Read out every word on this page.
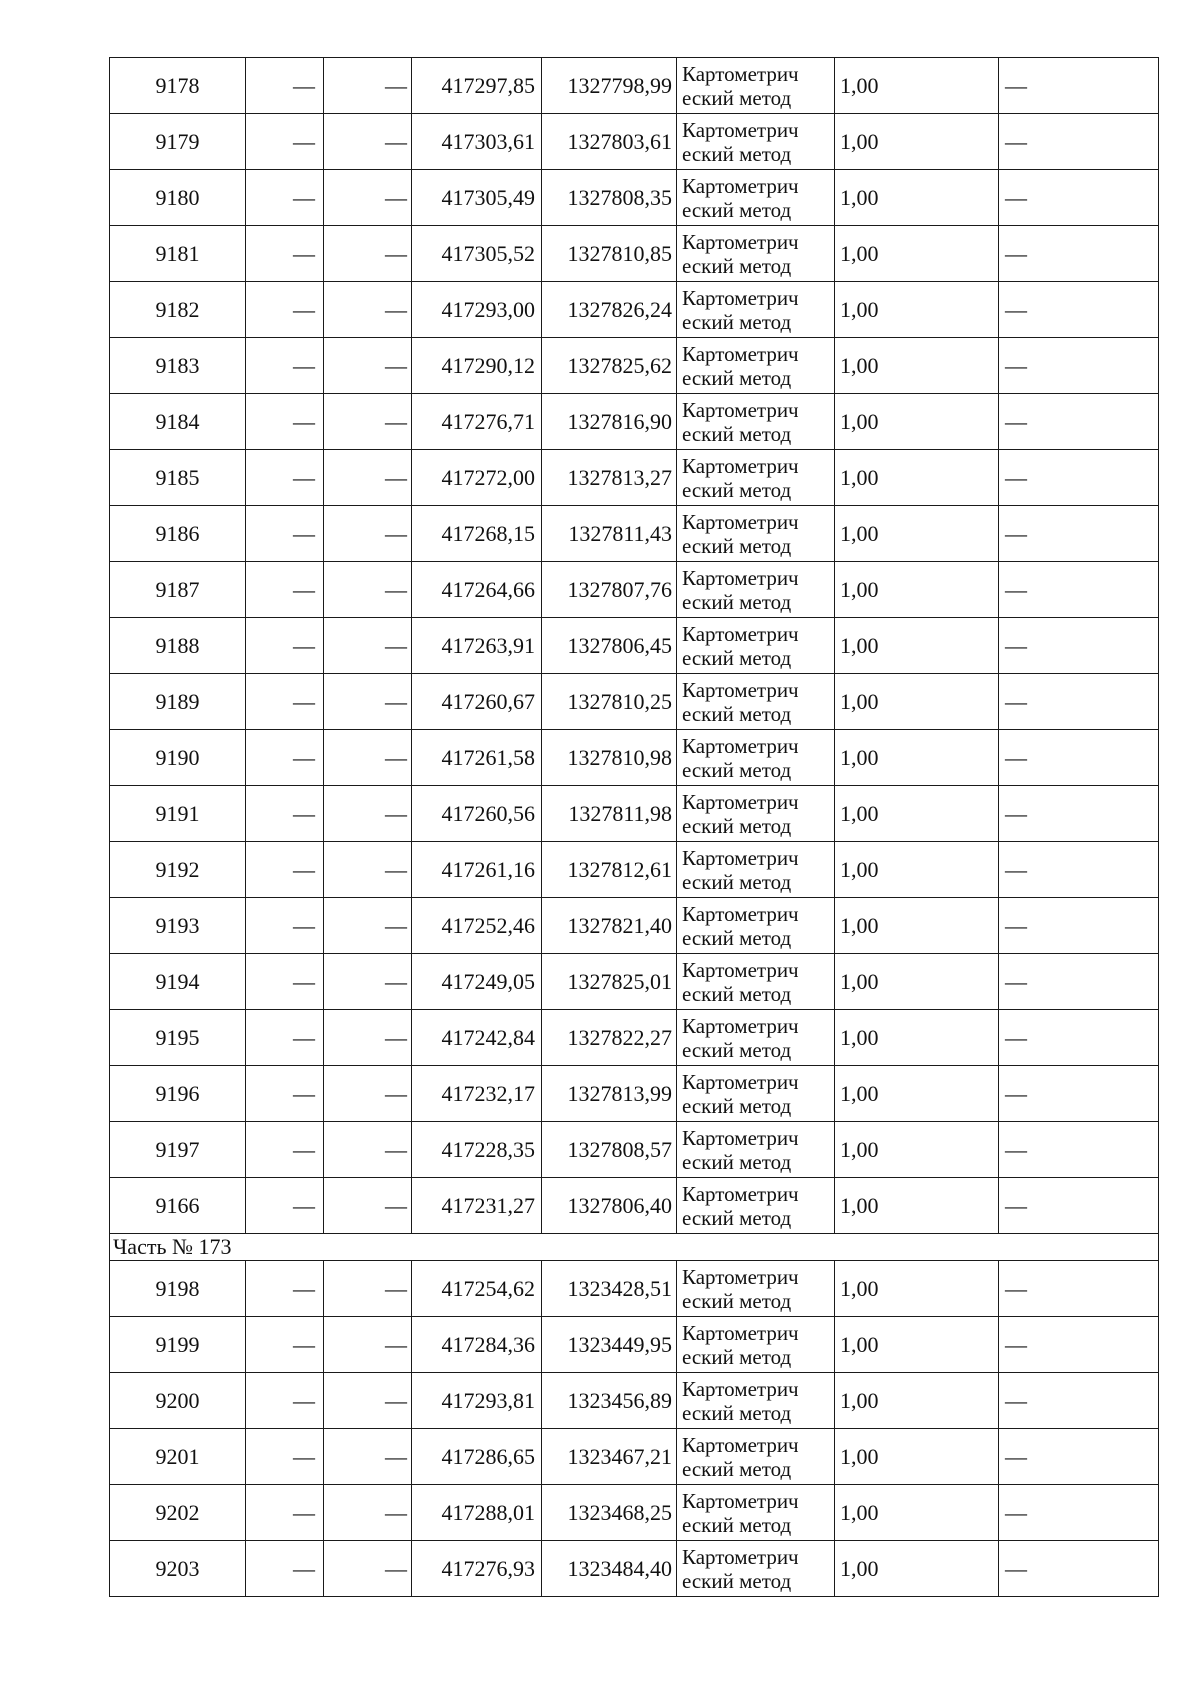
9178	—	—	417297,85	1327798,99	Картометрич еский метод	1,00	—
9179	—	—	417303,61	1327803,61	Картометрич еский метод	1,00	—
9180	—	—	417305,49	1327808,35	Картометрич еский метод	1,00	—
9181	—	—	417305,52	1327810,85	Картометрич еский метод	1,00	—
9182	—	—	417293,00	1327826,24	Картометрич еский метод	1,00	—
9183	—	—	417290,12	1327825,62	Картометрич еский метод	1,00	—
9184	—	—	417276,71	1327816,90	Картометрич еский метод	1,00	—
9185	—	—	417272,00	1327813,27	Картометрич еский метод	1,00	—
9186	—	—	417268,15	1327811,43	Картометрич еский метод	1,00	—
9187	—	—	417264,66	1327807,76	Картометрич еский метод	1,00	—
9188	—	—	417263,91	1327806,45	Картометрич еский метод	1,00	—
9189	—	—	417260,67	1327810,25	Картометрич еский метод	1,00	—
9190	—	—	417261,58	1327810,98	Картометрич еский метод	1,00	—
9191	—	—	417260,56	1327811,98	Картометрич еский метод	1,00	—
9192	—	—	417261,16	1327812,61	Картометрич еский метод	1,00	—
9193	—	—	417252,46	1327821,40	Картометрич еский метод	1,00	—
9194	—	—	417249,05	1327825,01	Картометрич еский метод	1,00	—
9195	—	—	417242,84	1327822,27	Картометрич еский метод	1,00	—
9196	—	—	417232,17	1327813,99	Картометрич еский метод	1,00	—
9197	—	—	417228,35	1327808,57	Картометрич еский метод	1,00	—
9166	—	—	417231,27	1327806,40	Картометрич еский метод	1,00	—
Часть № 173							
9198	—	—	417254,62	1323428,51	Картометрич еский метод	1,00	—
9199	—	—	417284,36	1323449,95	Картометрич еский метод	1,00	—
9200	—	—	417293,81	1323456,89	Картометрич еский метод	1,00	—
9201	—	—	417286,65	1323467,21	Картометрич еский метод	1,00	—
9202	—	—	417288,01	1323468,25	Картометрич еский метод	1,00	—
9203	—	—	417276,93	1323484,40	Картометрич еский метод	1,00	—
